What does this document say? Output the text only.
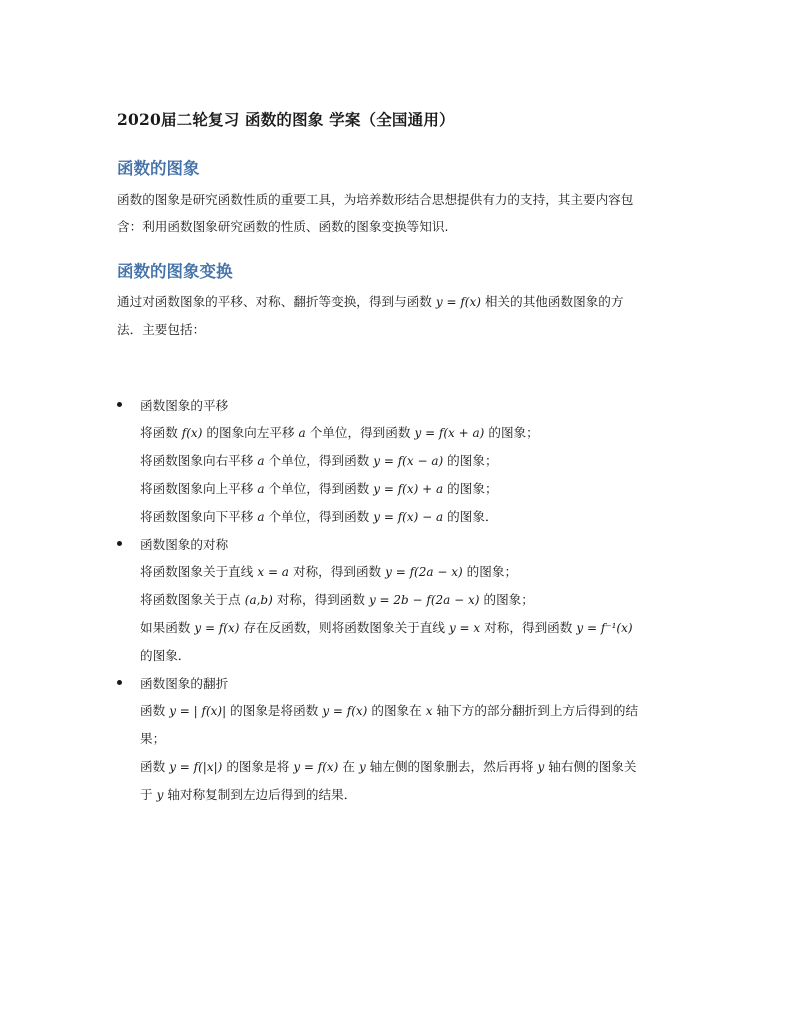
2020届二轮复习 函数的图象 学案（全国通用）
函数的图象
函数的图象是研究函数性质的重要工具，为培养数形结合思想提供有力的支持，其主要内容包
含：利用函数图象研究函数的性质、函数的图象变换等知识.
函数的图象变换
通过对函数图象的平移、对称、翻折等变换，得到与函数 y = f(x) 相关的其他函数图象的方
法．主要包括：
函数图象的平移
将函数 f(x) 的图象向左平移 a 个单位，得到函数 y = f(x + a) 的图象；
将函数图象向右平移 a 个单位，得到函数 y = f(x − a) 的图象；
将函数图象向上平移 a 个单位，得到函数 y = f(x) + a 的图象；
将函数图象向下平移 a 个单位，得到函数 y = f(x) − a 的图象．
函数图象的对称
将函数图象关于直线 x = a 对称，得到函数 y = f(2a − x) 的图象；
将函数图象关于点 (a,b) 对称，得到函数 y = 2b − f(2a − x) 的图象；
如果函数 y = f(x) 存在反函数，则将函数图象关于直线 y = x 对称，得到函数 y = f⁻¹(x)
的图象．
函数图象的翻折
函数 y = | f(x)| 的图象是将函数 y = f(x) 的图象在 x 轴下方的部分翻折到上方后得到的结
果；
函数 y = f(|x|) 的图象是将 y = f(x) 在 y 轴左侧的图象删去，然后再将 y 轴右侧的图象关
于 y 轴对称复制到左边后得到的结果．
